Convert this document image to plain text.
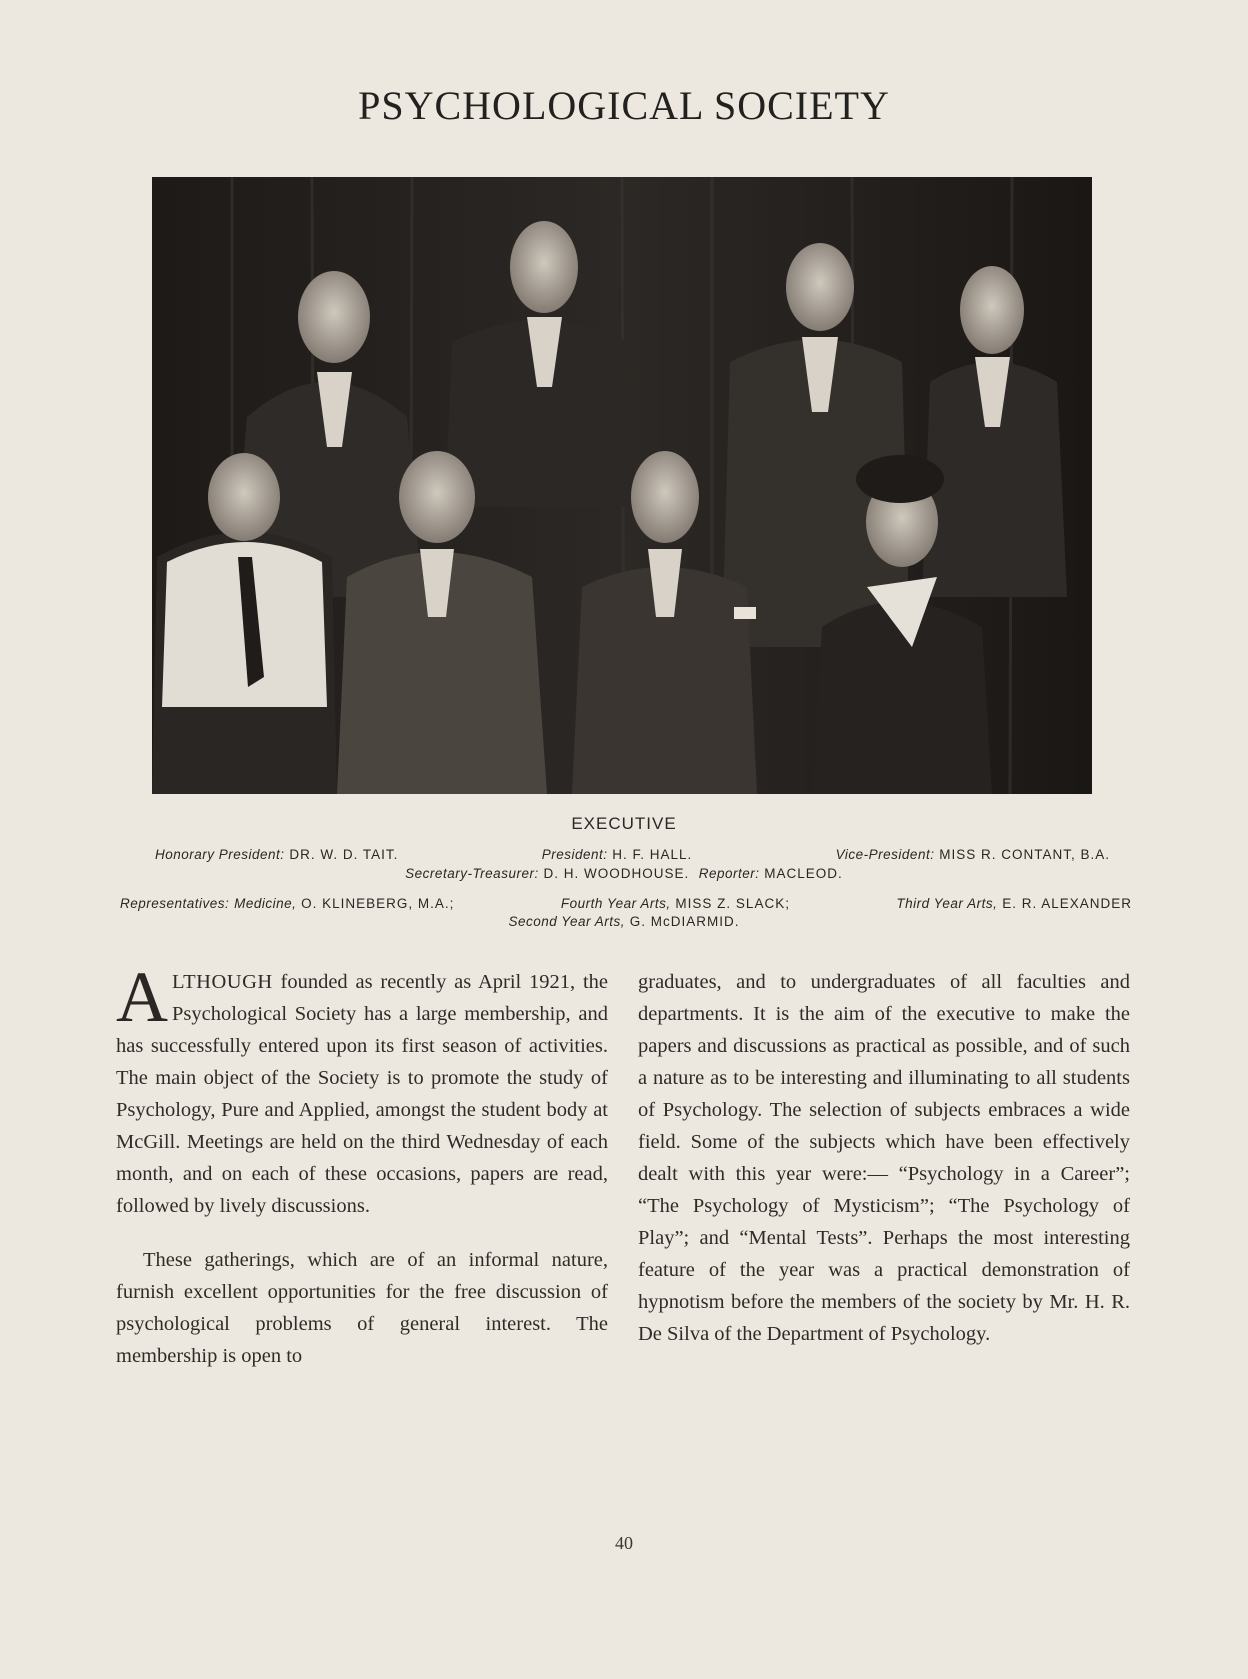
PSYCHOLOGICAL SOCIETY
EXECUTIVE
Honorary President: DR. W. D. TAIT.	President: H. F. HALL.	Vice-President: MISS R. CONTANT, B.A.
Secretary-Treasurer: D. H. WOODHOUSE. Reporter: MACLEOD.
Representatives: Medicine, O. KLINEBERG, M.A.;	Fourth Year Arts, MISS Z. SLACK;	Third Year Arts, E. R. ALEXANDER
Second Year Arts, G. McDIARMID.

ALTHOUGH founded as recently as April 1921, the Psychological Society has a large membership, and has successfully entered upon its first season of activities. The main object of the Society is to promote the study of Psychology, Pure and Applied, amongst the student body at McGill. Meetings are held on the third Wednesday of each month, and on each of these occasions, papers are read, followed by lively discussions.

These gatherings, which are of an informal nature, furnish excellent opportunities for the free discussion of psychological problems of general interest. The membership is open to

graduates, and to undergraduates of all faculties and departments. It is the aim of the executive to make the papers and discussions as practical as possible, and of such a nature as to be interesting and illuminating to all students of Psychology. The selection of subjects embraces a wide field. Some of the subjects which have been effectively dealt with this year were:— “Psychology in a Career”; “The Psychology of Mysticism”; “The Psychology of Play”; and “Mental Tests”. Perhaps the most interesting feature of the year was a practical demonstration of hypnotism before the members of the society by Mr. H. R. De Silva of the Department of Psychology.

40
